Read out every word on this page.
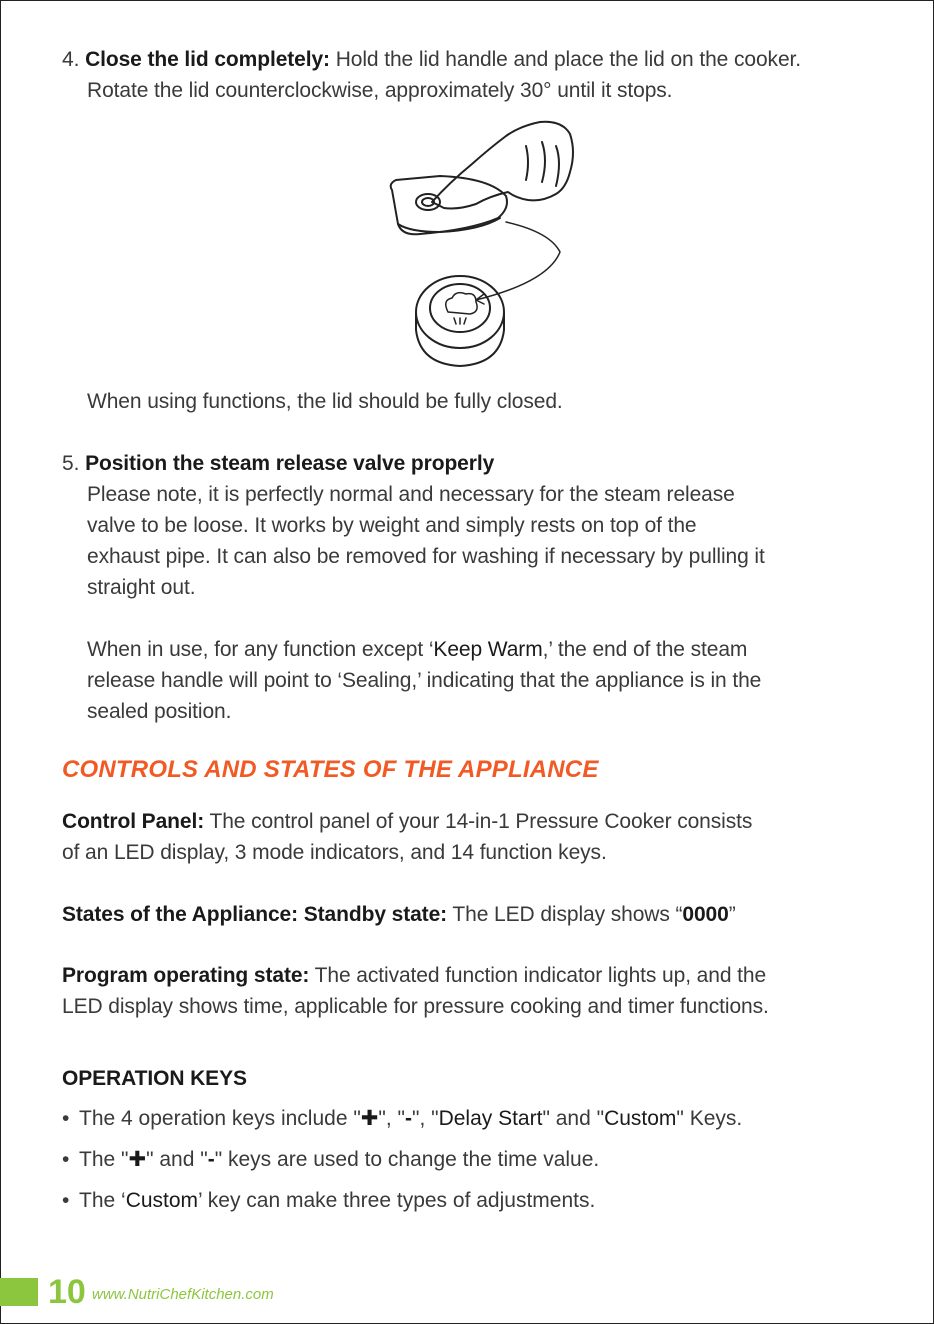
4. Close the lid completely: Hold the lid handle and place the lid on the cooker.
Rotate the lid counterclockwise, approximately 30° until it stops.
When using functions, the lid should be fully closed.
5. Position the steam release valve properly
Please note, it is perfectly normal and necessary for the steam release
valve to be loose. It works by weight and simply rests on top of the
exhaust pipe. It can also be removed for washing if necessary by pulling it
straight out.
When in use, for any function except ‘Keep Warm,’ the end of the steam
release handle will point to ‘Sealing,’ indicating that the appliance is in the
sealed position.
CONTROLS AND STATES OF THE APPLIANCE
Control Panel: The control panel of your 14-in-1 Pressure Cooker consists
of an LED display, 3 mode indicators, and 14 function keys.
States of the Appliance: Standby state: The LED display shows “0000”
Program operating state: The activated function indicator lights up, and the
LED display shows time, applicable for pressure cooking and timer functions.
OPERATION KEYS
• The 4 operation keys include "✚", "-", "Delay Start" and "Custom" Keys.
• The "✚" and "-" keys are used to change the time value.
• The ‘Custom’ key can make three types of adjustments.
10 www.NutriChefKitchen.com
